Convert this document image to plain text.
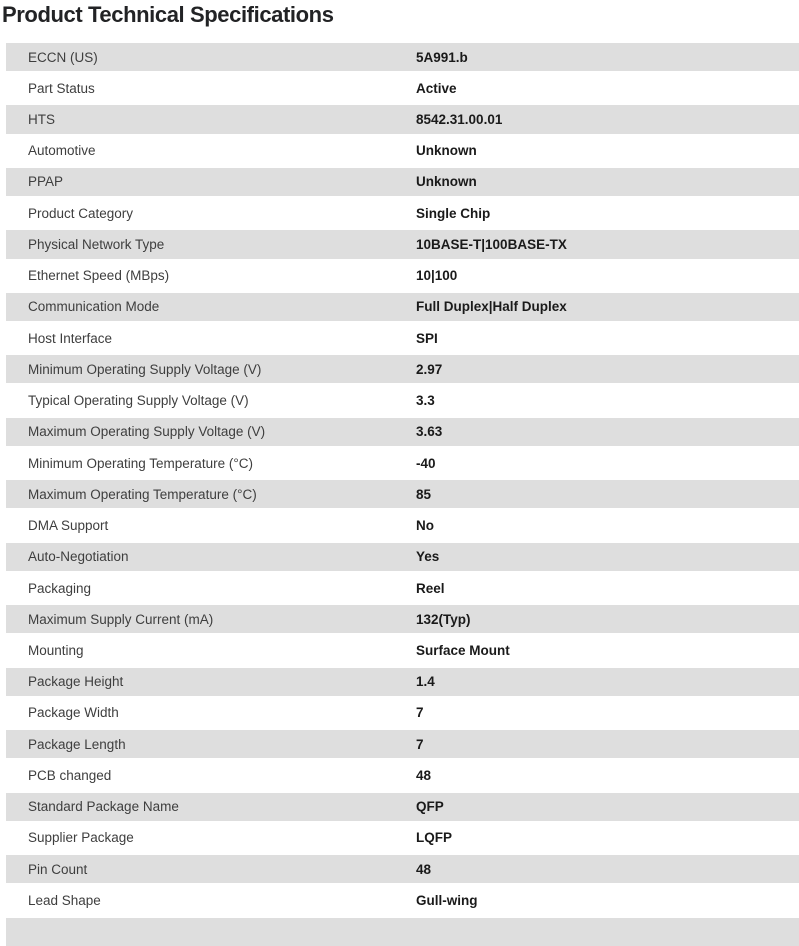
Product Technical Specifications
ECCN (US)	5A991.b
Part Status	Active
HTS	8542.31.00.01
Automotive	Unknown
PPAP	Unknown
Product Category	Single Chip
Physical Network Type	10BASE-T|100BASE-TX
Ethernet Speed (MBps)	10|100
Communication Mode	Full Duplex|Half Duplex
Host Interface	SPI
Minimum Operating Supply Voltage (V)	2.97
Typical Operating Supply Voltage (V)	3.3
Maximum Operating Supply Voltage (V)	3.63
Minimum Operating Temperature (°C)	-40
Maximum Operating Temperature (°C)	85
DMA Support	No
Auto-Negotiation	Yes
Packaging	Reel
Maximum Supply Current (mA)	132(Typ)
Mounting	Surface Mount
Package Height	1.4
Package Width	7
Package Length	7
PCB changed	48
Standard Package Name	QFP
Supplier Package	LQFP
Pin Count	48
Lead Shape	Gull-wing
